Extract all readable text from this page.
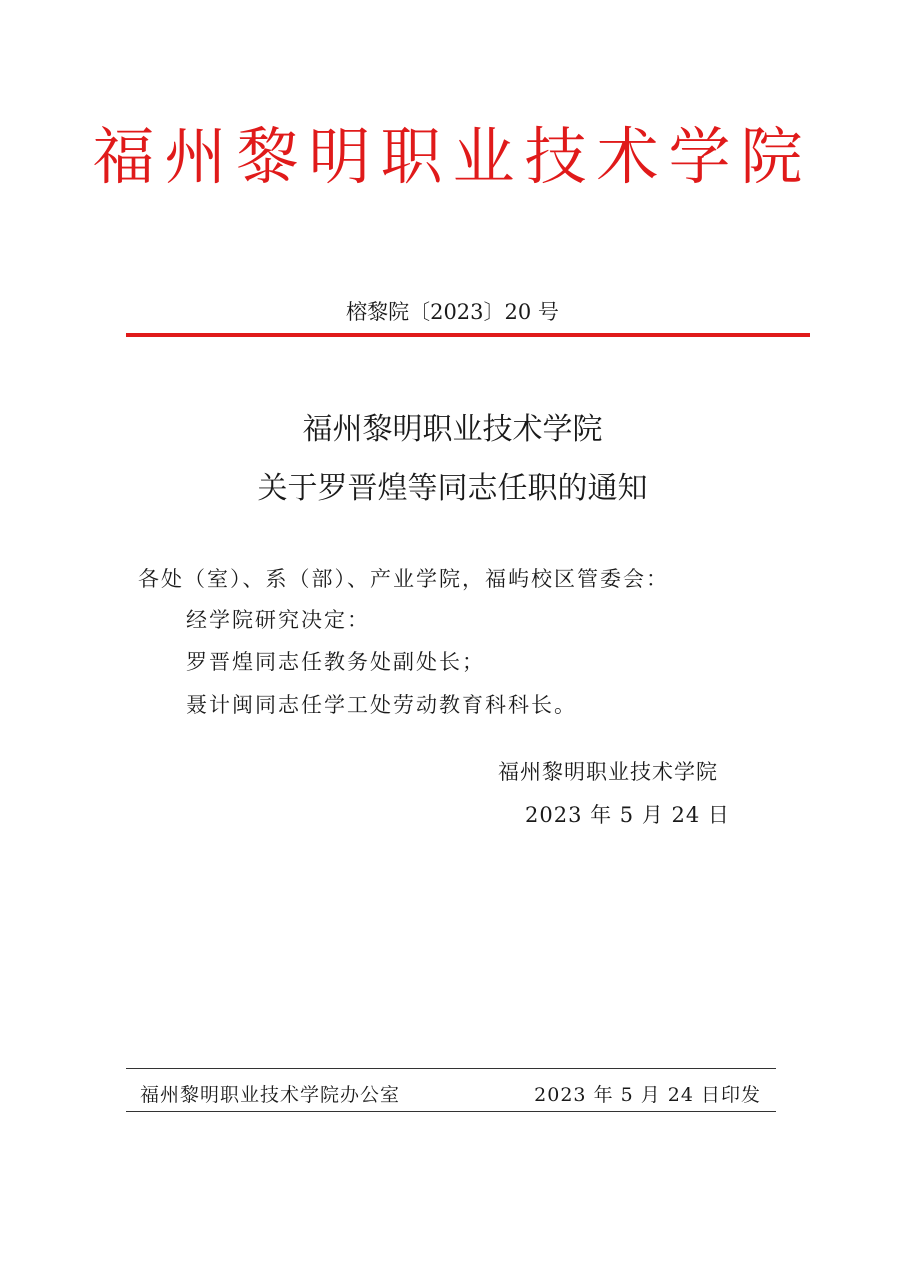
福州黎明职业技术学院
榕黎院〔2023〕20 号
福州黎明职业技术学院
关于罗晋煌等同志任职的通知
各处（室）、系（部）、产业学院，福屿校区管委会：
经学院研究决定：
罗晋煌同志任教务处副处长；
聂计闽同志任学工处劳动教育科科长。
福州黎明职业技术学院
2023 年 5 月 24 日
福州黎明职业技术学院办公室	2023 年 5 月 24 日印发
